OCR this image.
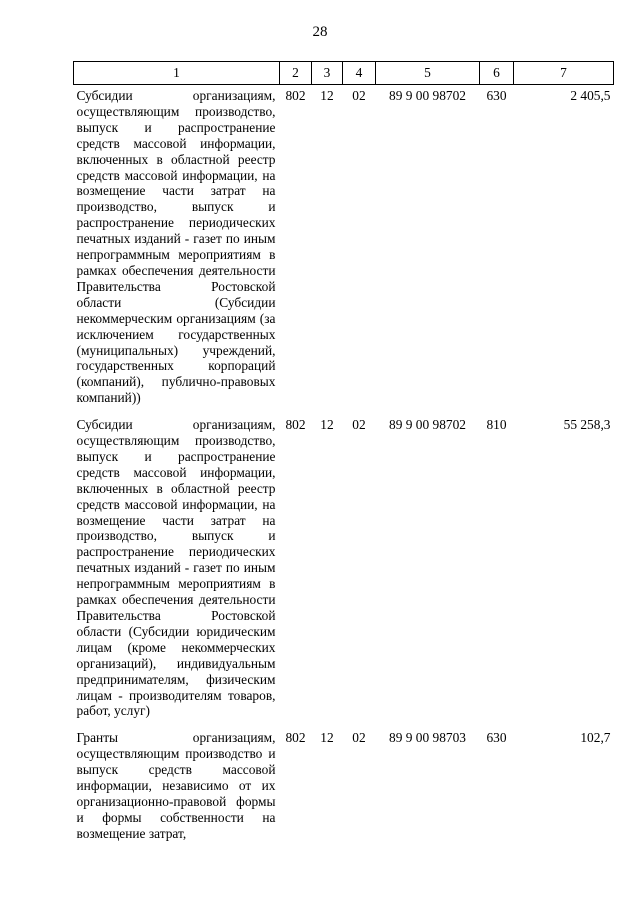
28
1	2	3	4	5	6	7
Субсидии организациям, осуществляющим производство, выпуск и распространение средств массовой информации, включенных в областной реестр средств массовой информации, на возмещение части затрат на производство, выпуск и распространение периодических печатных изданий - газет по иным непрограммным мероприятиям в рамках обеспечения деятельности Правительства Ростовской области (Субсидии некоммерческим организациям (за исключением государственных (муниципальных) учреждений, государственных корпораций (компаний), публично-правовых компаний))	802	12	02	89 9 00 98702	630	2 405,5
Субсидии организациям, осуществляющим производство, выпуск и распространение средств массовой информации, включенных в областной реестр средств массовой информации, на возмещение части затрат на производство, выпуск и распространение периодических печатных изданий - газет по иным непрограммным мероприятиям в рамках обеспечения деятельности Правительства Ростовской области (Субсидии юридическим лицам (кроме некоммерческих организаций), индивидуальным предпринимателям, физическим лицам - производителям товаров, работ, услуг)	802	12	02	89 9 00 98702	810	55 258,3
Гранты организациям, осуществляющим производство и выпуск средств массовой информации, независимо от их организационно-правовой формы и формы собственности на возмещение затрат,	802	12	02	89 9 00 98703	630	102,7
